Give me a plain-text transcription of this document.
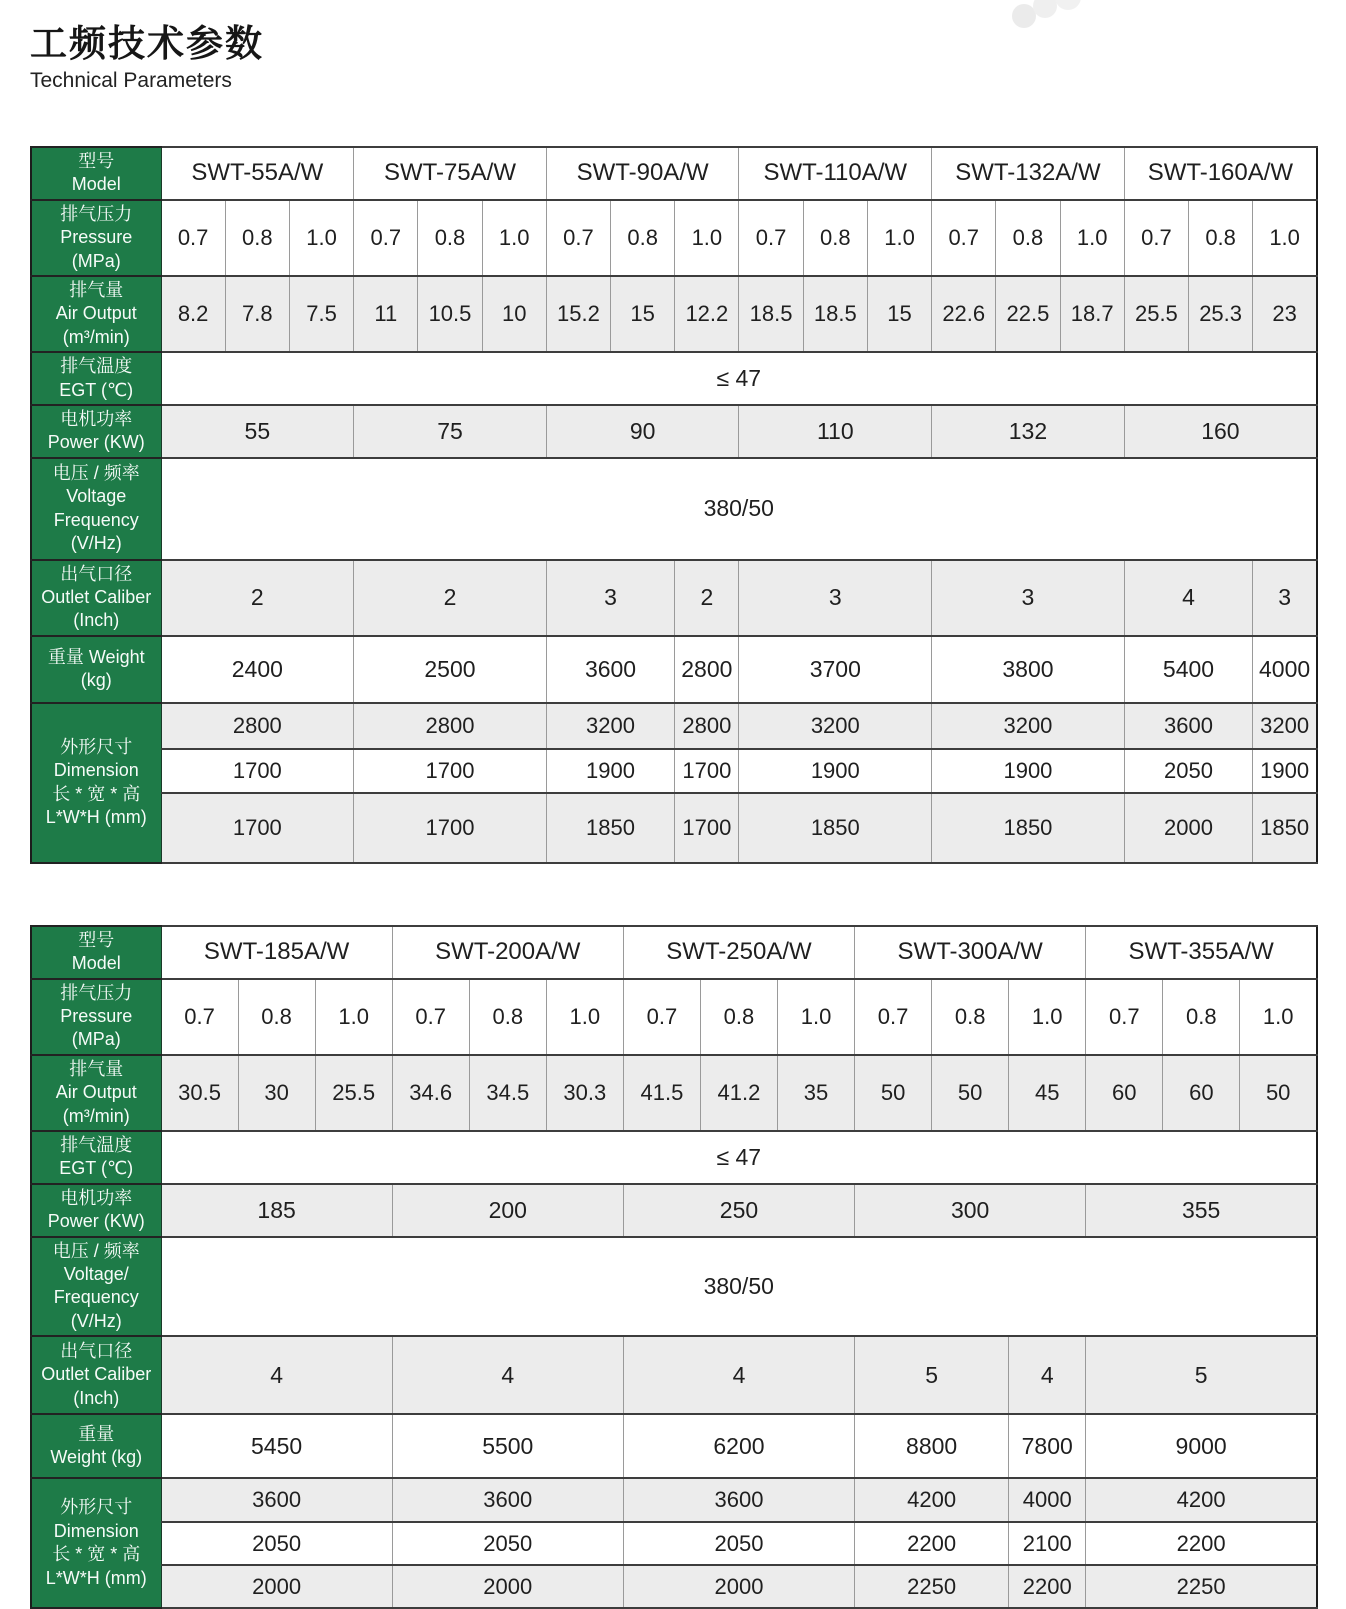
工频技术参数
Technical Parameters
型号
Model	SWT-55A/W			SWT-75A/W			SWT-90A/W			SWT-110A/W			SWT-132A/W			SWT-160A/W		

排气压力
Pressure
(MPa)	0.7	0.8	1.0	0.7	0.8	1.0	0.7	0.8	1.0	0.7	0.8	1.0	0.7	0.8	1.0	0.7	0.8	1.0

排气量
Air Output
(m³/min)	8.2	7.8	7.5	11	10.5	10	15.2	15	12.2	18.5	18.5	15	22.6	22.5	18.7	25.5	25.3	23

排气温度
EGT (℃)	≤ 47																	

电机功率
Power (KW)	55			75			90			110			132			160		

电压 / 频率
Voltage
Frequency
(V/Hz)	380/50																	

出气口径
Outlet Caliber
(Inch)	2			2			3		2	3			3			4		3

重量 Weight
(kg)	2400			2500			3600		2800	3700			3800			5400		4000

外形尺寸
Dimension
长 * 宽 * 高
L*W*H (mm)	2800			2800			3200		2800	3200			3200			3600		3200
	1700			1700			1900		1700	1900			1900			2050		1900
	1700			1700			1850		1700	1850			1850			2000		1850
型号
Model	SWT-185A/W			SWT-200A/W			SWT-250A/W			SWT-300A/W			SWT-355A/W		

排气压力
Pressure
(MPa)	0.7	0.8	1.0	0.7	0.8	1.0	0.7	0.8	1.0	0.7	0.8	1.0	0.7	0.8	1.0

排气量
Air Output
(m³/min)	30.5	30	25.5	34.6	34.5	30.3	41.5	41.2	35	50	50	45	60	60	50

排气温度
EGT (℃)	≤ 47														

电机功率
Power (KW)	185			200			250			300			355		

电压 / 频率
Voltage/
Frequency
(V/Hz)	380/50														

出气口径
Outlet Caliber
(Inch)	4			4			4			5		4	5		

重量
Weight (kg)	5450			5500			6200			8800		7800	9000		

外形尺寸
Dimension
长 * 宽 * 高
L*W*H (mm)	3600			3600			3600			4200		4000	4200		
	2050			2050			2050			2200		2100	2200		
	2000			2000			2000			2250		2200	2250		
